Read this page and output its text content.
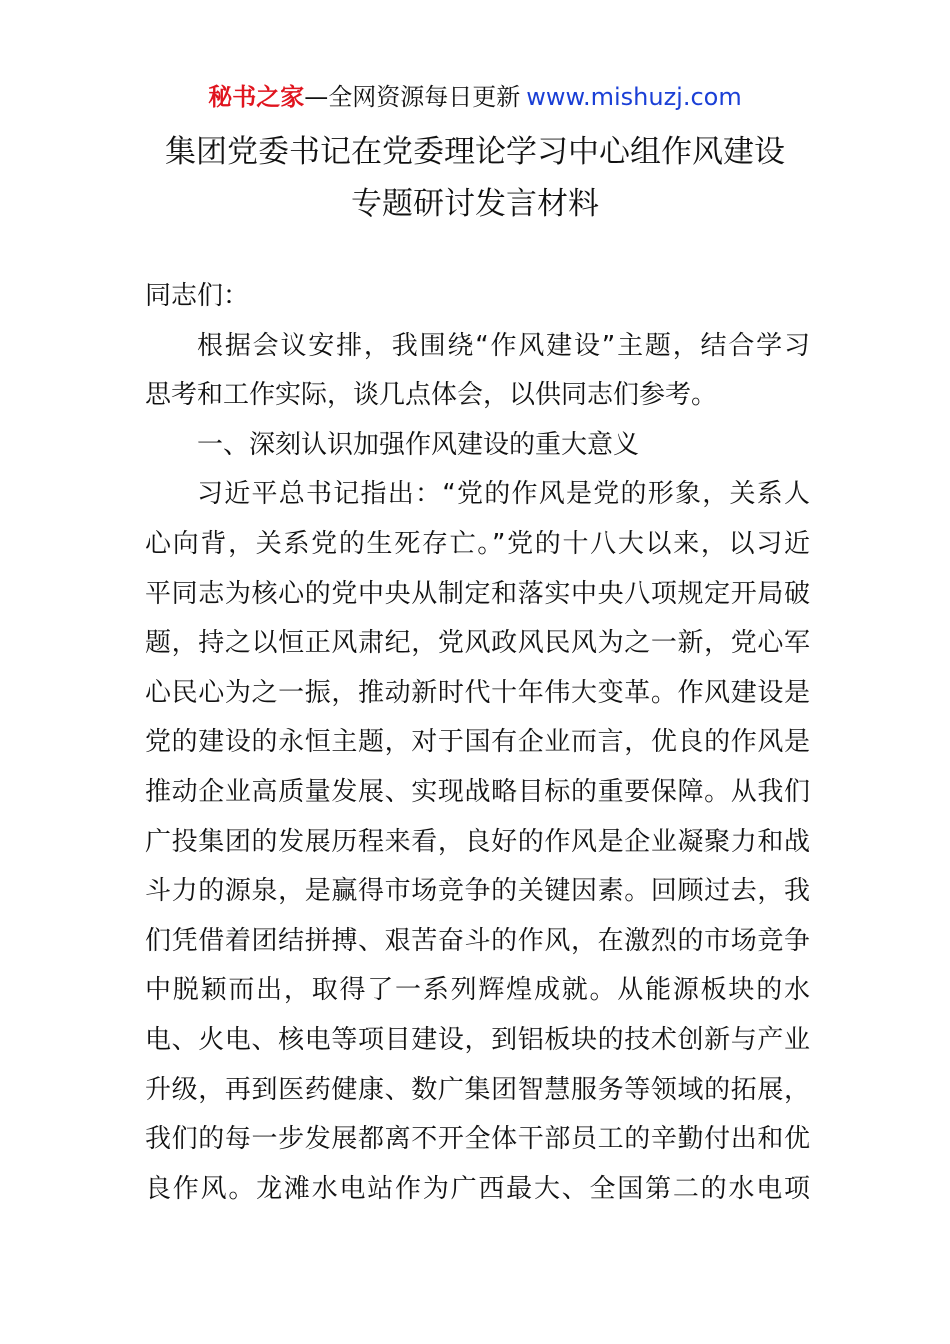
秘书之家—全网资源每日更新 www.mishuzj.com
集团党委书记在党委理论学习中心组作风建设
专题研讨发言材料
同志们：
根据会议安排，我围绕“作风建设”主题，结合学习
思考和工作实际，谈几点体会，以供同志们参考。
一、深刻认识加强作风建设的重大意义
习近平总书记指出：“党的作风是党的形象，关系人
心向背，关系党的生死存亡。”党的十八大以来，以习近
平同志为核心的党中央从制定和落实中央八项规定开局破
题，持之以恒正风肃纪，党风政风民风为之一新，党心军
心民心为之一振，推动新时代十年伟大变革。作风建设是
党的建设的永恒主题，对于国有企业而言，优良的作风是
推动企业高质量发展、实现战略目标的重要保障。从我们
广投集团的发展历程来看，良好的作风是企业凝聚力和战
斗力的源泉，是赢得市场竞争的关键因素。回顾过去，我
们凭借着团结拼搏、艰苦奋斗的作风，在激烈的市场竞争
中脱颖而出，取得了一系列辉煌成就。从能源板块的水
电、火电、核电等项目建设，到铝板块的技术创新与产业
升级，再到医药健康、数广集团智慧服务等领域的拓展，
我们的每一步发展都离不开全体干部员工的辛勤付出和优
良作风。龙滩水电站作为广西最大、全国第二的水电项
